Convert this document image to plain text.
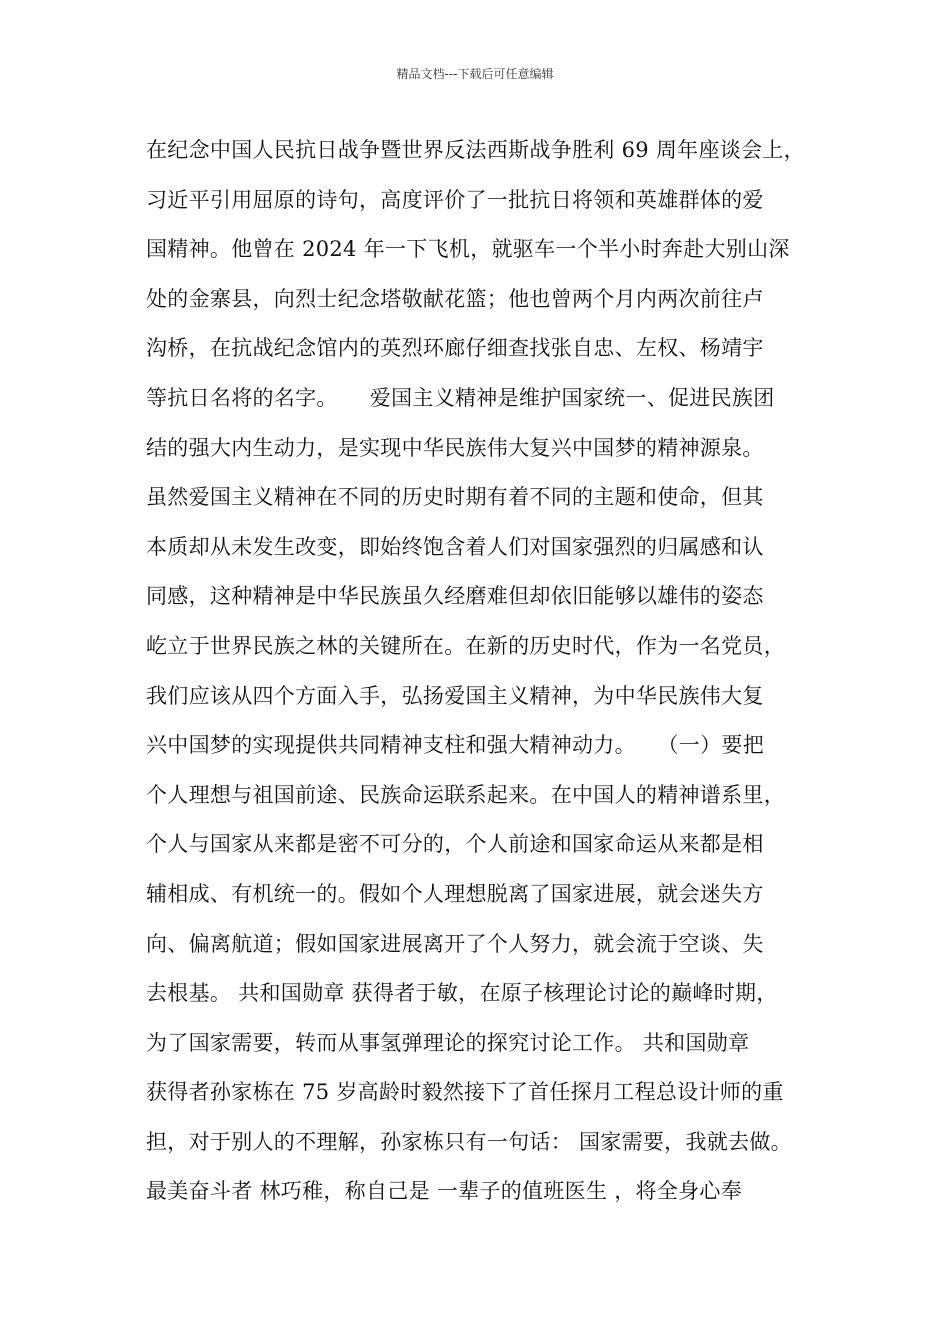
精品文档---下载后可任意编辑
在纪念中国人民抗日战争暨世界反法西斯战争胜利 69 周年座谈会上，
习近平引用屈原的诗句，高度评价了一批抗日将领和英雄群体的爱
国精神。他曾在 2024 年一下飞机，就驱车一个半小时奔赴大别山深
处的金寨县，向烈士纪念塔敬献花篮；他也曾两个月内两次前往卢
沟桥，在抗战纪念馆内的英烈环廊仔细查找张自忠、左权、杨靖宇
等抗日名将的名字。　　爱国主义精神是维护国家统一、促进民族团
结的强大内生动力，是实现中华民族伟大复兴中国梦的精神源泉。
虽然爱国主义精神在不同的历史时期有着不同的主题和使命，但其
本质却从未发生改变，即始终饱含着人们对国家强烈的归属感和认
同感，这种精神是中华民族虽久经磨难但却依旧能够以雄伟的姿态
屹立于世界民族之林的关键所在。在新的历史时代，作为一名党员，
我们应该从四个方面入手，弘扬爱国主义精神，为中华民族伟大复
兴中国梦的实现提供共同精神支柱和强大精神动力。　　（一）要把
个人理想与祖国前途、民族命运联系起来。在中国人的精神谱系里，
个人与国家从来都是密不可分的，个人前途和国家命运从来都是相
辅相成、有机统一的。假如个人理想脱离了国家进展，就会迷失方
向、偏离航道；假如国家进展离开了个人努力，就会流于空谈、失
去根基。 共和国勋章 获得者于敏，在原子核理论讨论的巅峰时期，
为了国家需要，转而从事氢弹理论的探究讨论工作。 共和国勋章
获得者孙家栋在 75 岁高龄时毅然接下了首任探月工程总设计师的重
担，对于别人的不理解，孙家栋只有一句话： 国家需要，我就去做。
最美奋斗者 林巧稚，称自己是 一辈子的值班医生 ，将全身心奉
